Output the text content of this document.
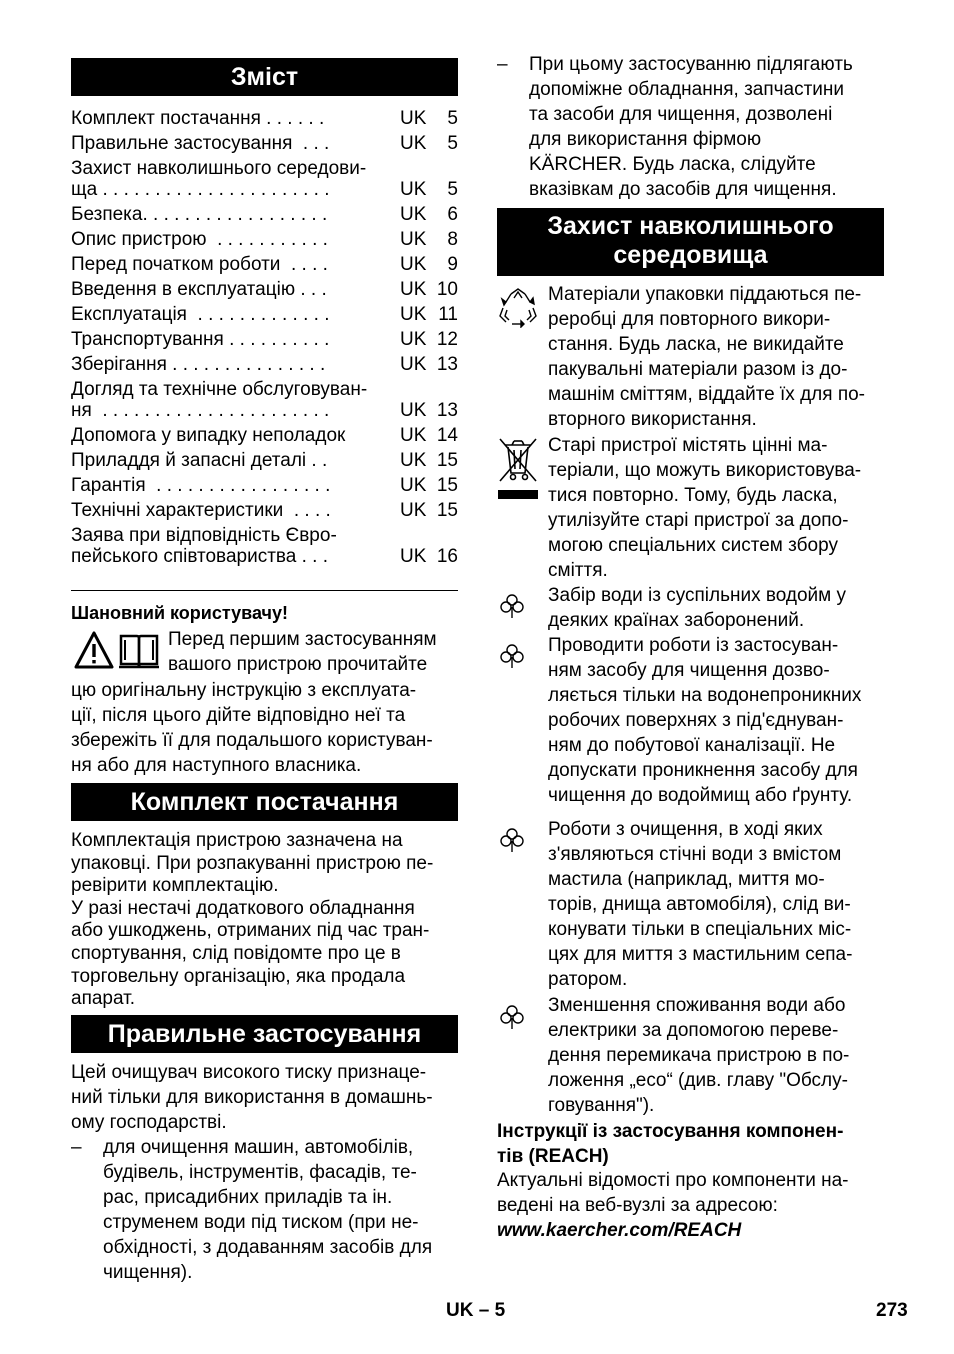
Зміст
Комплект постачання . . . . . .	UK 5
Правильне застосування  . . .	UK 5
Захист навколишнього середови-
ща . . . . . . . . . . . . . . . . . . . . . .	UK 5
Безпека. . . . . . . . . . . . . . . . . .	UK 6
Опис пристрою  . . . . . . . . . . .	UK 8
Перед початком роботи  . . . .	UK 9
Введення в експлуатацію . . .	UK 10
Експлуатація  . . . . . . . . . . . . .	UK 11
Транспортування . . . . . . . . . .	UK 12
Зберігання . . . . . . . . . . . . . . .	UK 13
Догляд та технічне обслуговуван-
ня  . . . . . . . . . . . . . . . . . . . . . .	UK 13
Допомога у випадку неполадок	UK 14
Приладдя й запасні деталі . .	UK 15
Гарантія  . . . . . . . . . . . . . . . . .	UK 15
Технічні характеристики  . . . .	UK 15
Заява при відповідність Євро-
пейського співтовариства . . .	UK 16
Шановний користувачу!
Перед першим застосуванням
вашого пристрою прочитайте
цю оригінальну інструкцію з експлуата-
ції, після цього дійте відповідно неї та
збережіть її для подальшого користуван-
ня або для наступного власника.
Комплект постачання
Комплектація пристрою зазначена на
упаковці. При розпакуванні пристрою пе-
ревірити комплектацію.
У разі нестачі додаткового обладнання
або ушкоджень, отриманих під час тран-
спортування, слід повідомте про це в
торговельну організацію, яка продала
апарат.
Правильне застосування
Цей очищувач високого тиску признаце-
ний тільки для використання в домашнь-
ому господарстві.
– для очищення машин, автомобілів,
будівель, інструментів, фасадів, те-
рас, присадибних приладів та ін.
струменем води під тиском (при не-
обхідності, з додаванням засобів для
чищення).
– При цьому застосуванню підлягають
допоміжне обладнання, запчастини
та засоби для чищення, дозволені
для використання фірмою
KÄRCHER. Будь ласка, слідуйте
вказівкам до засобів для чищення.
Захист навколишнього
середовища
Матеріали упаковки піддаються пе-
реробці для повторного викори-
стання. Будь ласка, не викидайте
пакувальні матеріали разом із до-
машнім сміттям, віддайте їх для по-
вторного використання.
Старі пристрої містять цінні ма-
теріали, що можуть використовува-
тися повторно. Тому, будь ласка,
утилізуйте старі пристрої за допо-
могою спеціальних систем збору
сміття.
Забір води із суспільних водойм у
деяких країнах заборонений.
Проводити роботи із застосуван-
ням засобу для чищення дозво-
ляється тільки на водонепроникних
робочих поверхнях з під'єднуван-
ням до побутової каналізації. Не
допускати проникнення засобу для
чищення до водоймищ або ґрунту.
Роботи з очищення, в ході яких
з'являються стічні води з вмістом
мастила (наприклад, миття мо-
торів, днища автомобіля), слід ви-
конувати тільки в спеціальних міс-
цях для миття з мастильним сепа-
ратором.
Зменшення споживання води або
електрики за допомогою переве-
дення перемикача пристрою в по-
ложення „eco“ (див. главу "Обслу-
говування").
Інструкції із застосування компонен-
тів (REACH)
Актуальні відомості про компоненти на-
ведені на веб-вузлі за адресою:
www.kaercher.com/REACH
UK – 5	273
